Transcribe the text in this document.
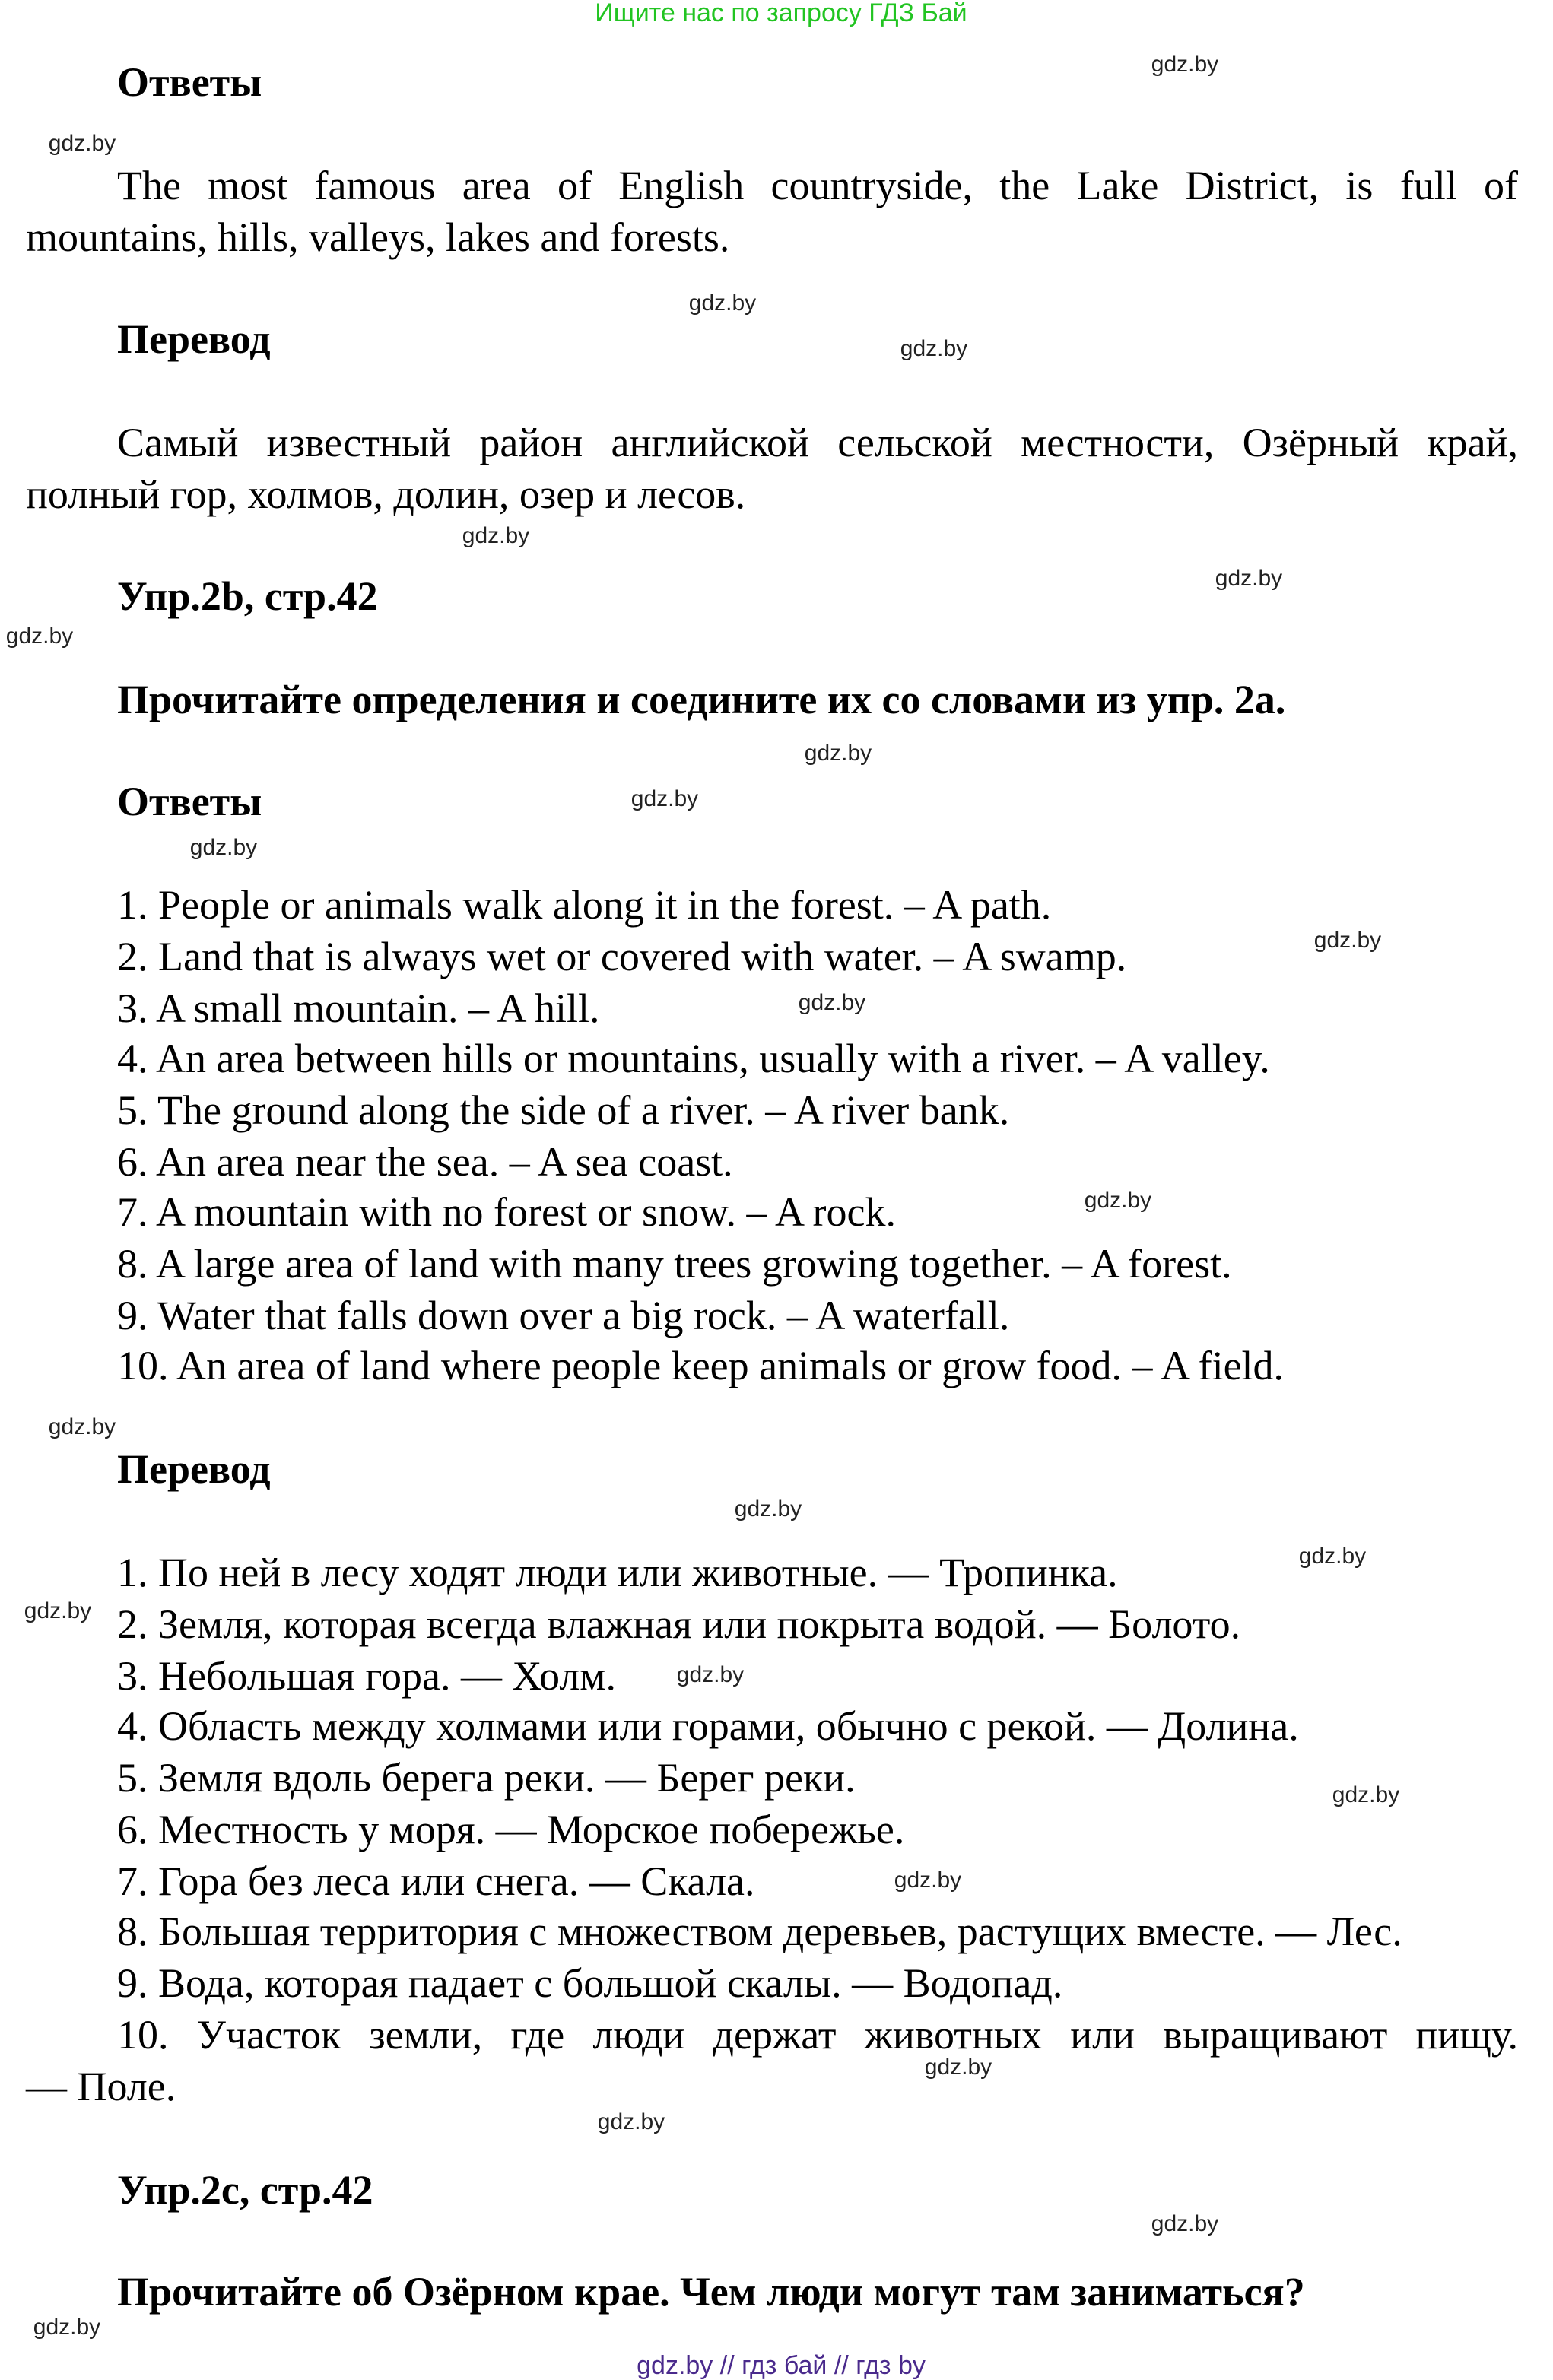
Ищите нас по запросу ГДЗ Бай
Ответы
The most famous area of English countryside, the Lake District, is full of
mountains, hills, valleys, lakes and forests.
Перевод
Самый известный район английской сельской местности, Озёрный край,
полный гор, холмов, долин, озер и лесов.
Упр.2b, стр.42
Прочитайте определения и соедините их со словами из упр. 2a.
Ответы
1. People or animals walk along it in the forest. – A path.
2. Land that is always wet or covered with water. – A swamp.
3. A small mountain. – A hill.
4. An area between hills or mountains, usually with a river. – A valley.
5. The ground along the side of a river. – A river bank.
6. An area near the sea. – A sea coast.
7. A mountain with no forest or snow. – A rock.
8. A large area of land with many trees growing together. – A forest.
9. Water that falls down over a big rock. – A waterfall.
10. An area of land where people keep animals or grow food. – A field.
Перевод
1. По ней в лесу ходят люди или животные. — Тропинка.
2. Земля, которая всегда влажная или покрыта водой. — Болото.
3. Небольшая гора. — Холм.
4. Область между холмами или горами, обычно с рекой. — Долина.
5. Земля вдоль берега реки. — Берег реки.
6. Местность у моря. — Морское побережье.
7. Гора без леса или снега. — Скала.
8. Большая территория с множеством деревьев, растущих вместе. — Лес.
9. Вода, которая падает с большой скалы. — Водопад.
10. Участок земли, где люди держат животных или выращивают пищу.
— Поле.
Упр.2c, стр.42
Прочитайте об Озёрном крае. Чем люди могут там заниматься?
gdz.by
gdz.by
gdz.by
gdz.by
gdz.by
gdz.by
gdz.by
gdz.by
gdz.by
gdz.by
gdz.by
gdz.by
gdz.by
gdz.by
gdz.by
gdz.by
gdz.by
gdz.by
gdz.by
gdz.by
gdz.by
gdz.by
gdz.by
gdz.by
gdz.by // гдз бай // гдз by
